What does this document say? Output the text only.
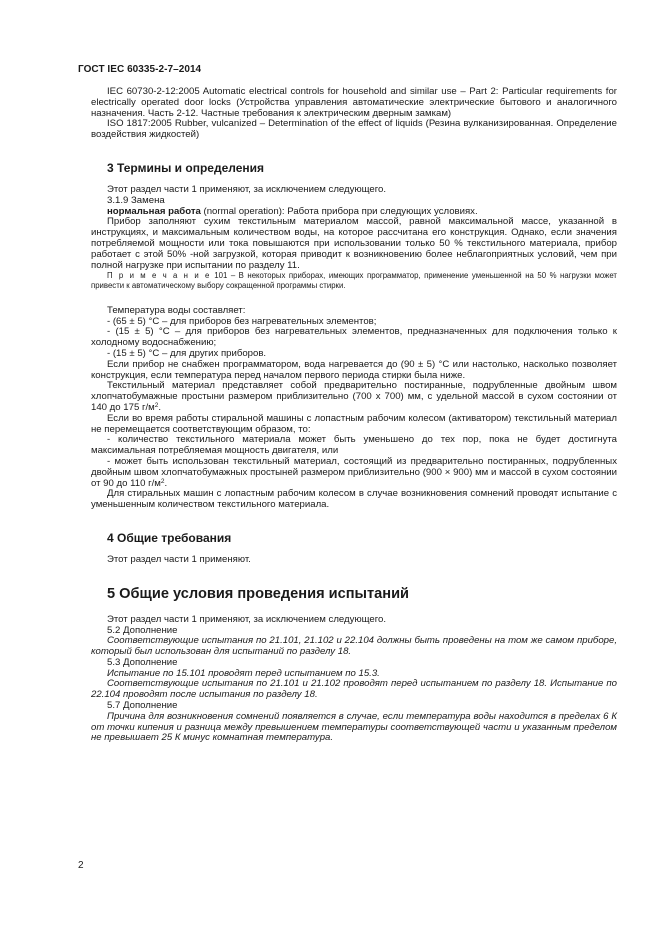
ГОСТ IEC 60335-2-7–2014

IEC 60730-2-12:2005 Automatic electrical controls for household and similar use – Part 2: Particular requirements for electrically operated door locks (Устройства управления автоматические электрические бытового и аналогичного назначения. Часть 2-12. Частные требования к электрическим дверным замкам)

ISO 1817:2005 Rubber, vulcanized – Determination of the effect of liquids (Резина вулканизированная. Определение воздействия жидкостей)

3 Термины и определения

Этот раздел части 1 применяют, за исключением следующего.

3.1.9 Замена

нормальная работа (normal operation): Работа прибора при следующих условиях.

Прибор заполняют сухим текстильным материалом массой, равной максимальной массе, указанной в инструкциях, и максимальным количеством воды, на которое рассчитана его конструкция. Однако, если значения потребляемой мощности или тока повышаются при использовании только 50 % текстильного материала, прибор работает с этой 50% -ной загрузкой, которая приводит к возникновению более неблагоприятных условий, чем при полной нагрузке при испытании по разделу 11.

П р и м е ч а н и е 101 – В некоторых приборах, имеющих программатор, применение уменьшенной на 50 % нагрузки может привести к автоматическому выбору сокращенной программы стирки.

Температура воды составляет:

- (65 ± 5) °С – для приборов без нагревательных элементов;

- (15 ± 5) °С – для приборов без нагревательных элементов, предназначенных для подключения только к холодному водоснабжению;

- (15 ± 5) °С – для других приборов.

Если прибор не снабжен программатором, вода нагревается до (90 ± 5) °С или настолько, насколько позволяет конструкция, если температура перед началом первого периода стирки была ниже.

Текстильный материал представляет собой предварительно постиранные, подрубленные двойным швом хлопчатобумажные простыни размером приблизительно (700 х 700) мм, с удельной массой в сухом состоянии от 140 до 175 $г/м^2$.

Если во время работы стиральной машины с лопастным рабочим колесом (активатором) текстильный материал не перемещается соответствующим образом, то:

- количество текстильного материала может быть уменьшено до тех пор, пока не будет достигнута максимальная потребляемая мощность двигателя, или

- может быть использован текстильный материал, состоящий из предварительно постиранных, подрубленных двойным швом хлопчатобумажных простыней размером приблизительно (900 × 900) мм и массой в сухом состоянии от 90 до 110 $г/м^2$.

Для стиральных машин с лопастным рабочим колесом в случае возникновения сомнений проводят испытание с уменьшенным количеством текстильного материала.

4 Общие требования

Этот раздел части 1 применяют.

5 Общие условия проведения испытаний

Этот раздел части 1 применяют, за исключением следующего.

5.2 Дополнение

Соответствующие испытания по 21.101, 21.102 и 22.104 должны быть проведены на том же самом приборе, который был использован для испытаний по разделу 18.

5.3 Дополнение

Испытание по 15.101 проводят перед испытанием по 15.3.

Соответствующие испытания по 21.101 и 21.102 проводят перед испытанием по разделу 18. Испытание по 22.104 проводят после испытания по разделу 18.

5.7 Дополнение

Причина для возникновения сомнений появляется в случае, если температура воды находится в пределах 6 К от точки кипения и разница между превышением температуры соответствующей части и указанным пределом не превышает 25 К минус комнатная температура.

2
